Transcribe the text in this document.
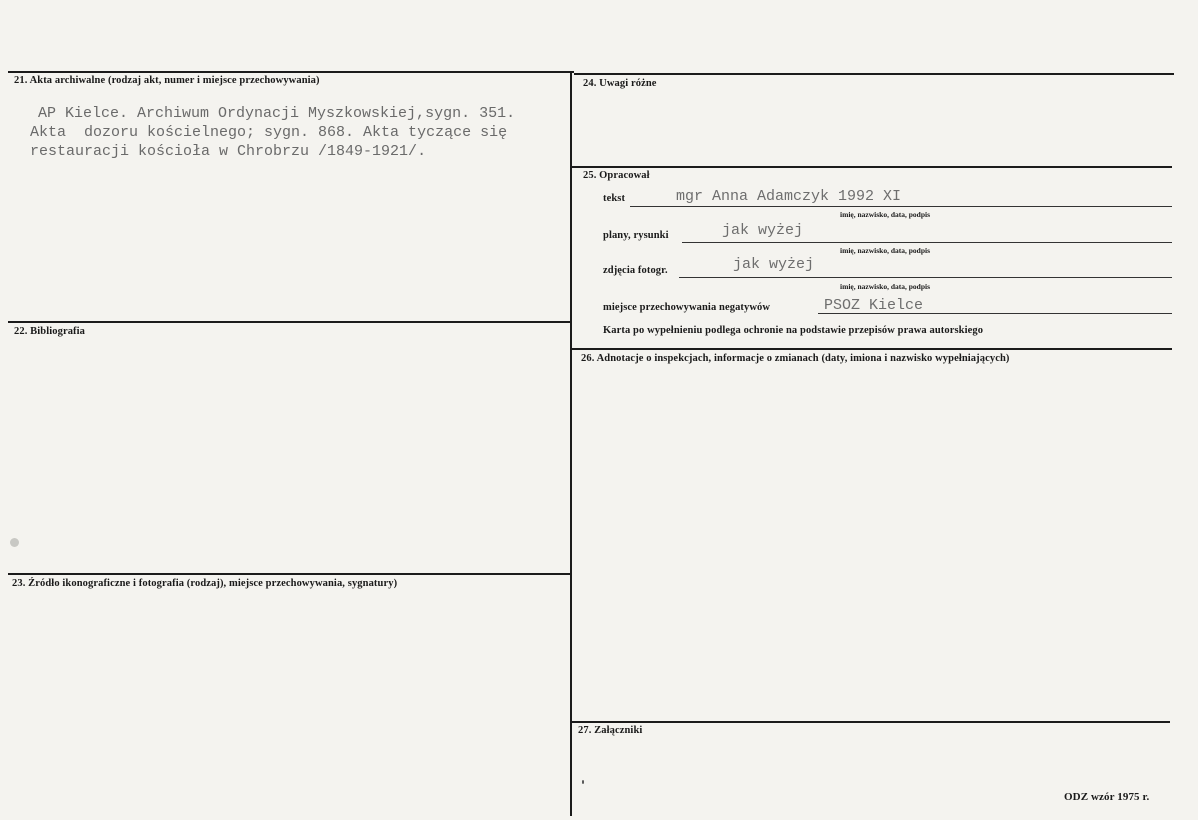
21. Akta archiwalne (rodzaj akt, numer i miejsce przechowywania)
AP Kielce. Archiwum Ordynacji Myszkowskiej,sygn. 351.
Akta  dozoru kościelnego; sygn. 868. Akta tyczące się
restauracji kościoła w Chrobrzu /1849-1921/.
22. Bibliografia
23. Źródło ikonograficzne i fotografia (rodzaj), miejsce przechowywania, sygnatury)
24. Uwagi różne
25. Opracował
tekst	mgr Anna Adamczyk 1992 XI
imię, nazwisko, data, podpis
plany, rysunki	jak wyżej
imię, nazwisko, data, podpis
zdjęcia fotogr.	jak wyżej
imię, nazwisko, data, podpis
miejsce przechowywania negatywów	PSOZ Kielce
Karta po wypełnieniu podlega ochronie na podstawie przepisów prawa autorskiego
26. Adnotacje o inspekcjach, informacje o zmianach (daty, imiona i nazwisko wypełniających)
27. Załączniki
ODZ wzór 1975 r.
